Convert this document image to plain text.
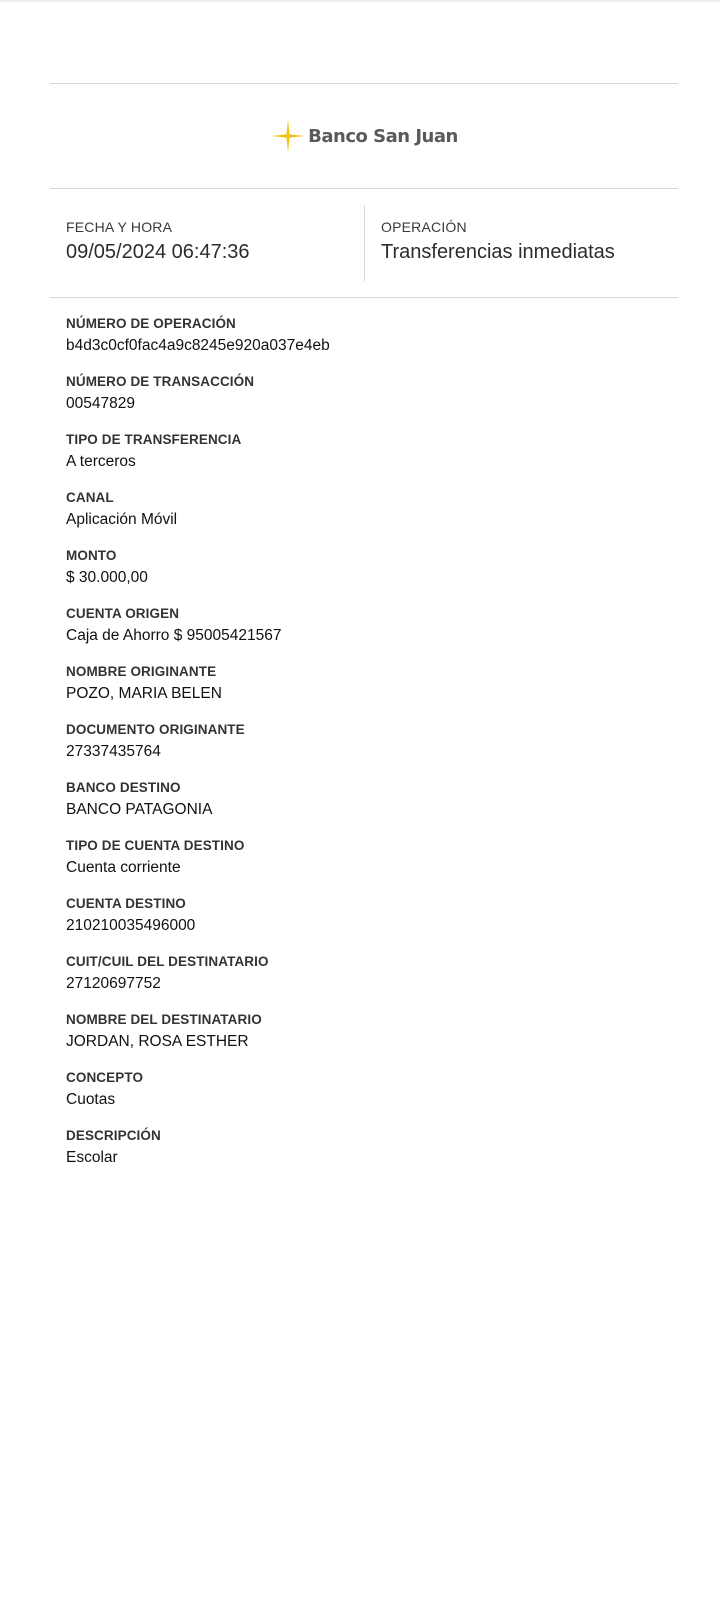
Banco San Juan
FECHA Y HORA
09/05/2024 06:47:36
OPERACIÓN
Transferencias inmediatas
NÚMERO DE OPERACIÓN
b4d3c0cf0fac4a9c8245e920a037e4eb
NÚMERO DE TRANSACCIÓN
00547829
TIPO DE TRANSFERENCIA
A terceros
CANAL
Aplicación Móvil
MONTO
$ 30.000,00
CUENTA ORIGEN
Caja de Ahorro $ 95005421567
NOMBRE ORIGINANTE
POZO, MARIA BELEN
DOCUMENTO ORIGINANTE
27337435764
BANCO DESTINO
BANCO PATAGONIA
TIPO DE CUENTA DESTINO
Cuenta corriente
CUENTA DESTINO
210210035496000
CUIT/CUIL DEL DESTINATARIO
27120697752
NOMBRE DEL DESTINATARIO
JORDAN, ROSA ESTHER
CONCEPTO
Cuotas
DESCRIPCIÓN
Escolar
